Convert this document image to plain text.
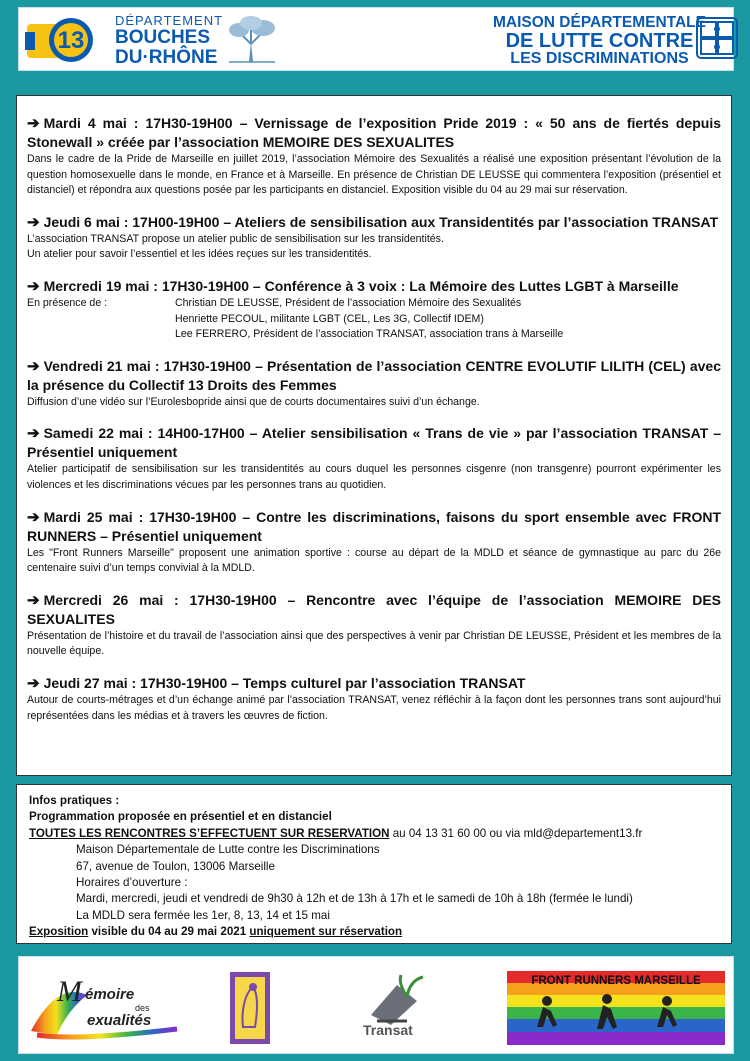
13
DÉPARTEMENT
BOUCHES
DU·RHÔNE
MAISON DÉPARTEMENTALE
DE LUTTE CONTRE
LES DISCRIMINATIONS
➔ Mardi 4 mai : 17H30-19H00 – Vernissage de l’exposition Pride 2019 : « 50 ans de fiertés depuis Stonewall » créée par l’association MEMOIRE DES SEXUALITES
Dans le cadre de la Pride de Marseille en juillet 2019, l’association Mémoire des Sexualités a réalisé une exposition présentant l’évolution de la question homosexuelle dans le monde, en France et à Marseille. En présence de Christian DE LEUSSE qui commentera l’exposition (présentiel et distanciel) et répondra aux questions posée par les participants en distanciel. Exposition visible du 04 au 29 mai sur réservation.
➔ Jeudi 6 mai : 17H00-19H00 – Ateliers de sensibilisation aux Transidentités par l’association TRANSAT
L’association TRANSAT propose un atelier public de sensibilisation sur les transidentités.
Un atelier pour savoir l’essentiel et les idées reçues sur les transidentités.
➔ Mercredi 19 mai : 17H30-19H00 – Conférence à 3 voix : La Mémoire des Luttes LGBT à Marseille
En présence de :	Christian DE LEUSSE, Président de l’association Mémoire des Sexualités
Henriette PECOUL, militante LGBT (CEL, Les 3G, Collectif IDEM)
Lee FERRERO, Président de l’association TRANSAT, association trans à Marseille
➔ Vendredi 21 mai : 17H30-19H00 – Présentation de l’association CENTRE EVOLUTIF LILITH (CEL) avec la présence du Collectif 13 Droits des Femmes
Diffusion d’une vidéo sur l’Eurolesbopride ainsi que de courts documentaires suivi d’un échange.
➔ Samedi 22 mai : 14H00-17H00 – Atelier sensibilisation « Trans de vie » par l’association TRANSAT – Présentiel uniquement
Atelier participatif de sensibilisation sur les transidentités au cours duquel les personnes cisgenre (non transgenre) pourront expérimenter les violences et les discriminations vécues par les personnes trans au quotidien.
➔ Mardi 25 mai : 17H30-19H00 – Contre les discriminations, faisons du sport ensemble avec FRONT RUNNERS – Présentiel uniquement
Les "Front Runners Marseille" proposent une animation sportive : course au départ de la MDLD et séance de gymnastique au parc du 26e centenaire suivi d’un temps convivial à la MDLD.
➔ Mercredi 26 mai : 17H30-19H00 – Rencontre avec l’équipe de l’association MEMOIRE DES SEXUALITES
Présentation de l’histoire et du travail de l’association ainsi que des perspectives à venir par Christian DE LEUSSE, Président et les membres de la nouvelle équipe.
➔ Jeudi 27 mai : 17H30-19H00 – Temps culturel par l’association TRANSAT
Autour de courts-métrages et d’un échange animé par l’association TRANSAT, venez réfléchir à la façon dont les personnes trans sont aujourd’hui représentées dans les médias et à travers les œuvres de fiction.
Infos pratiques :
Programmation proposée en présentiel et en distanciel
TOUTES LES RENCONTRES S’EFFECTUENT SUR RESERVATION au 04 13 31 60 00 ou via mld@departement13.fr
Maison Départementale de Lutte contre les Discriminations
67, avenue de Toulon, 13006 Marseille
Horaires d’ouverture :
Mardi, mercredi, jeudi et vendredi de 9h30 à 12h et de 13h à 17h et le samedi de 10h à 18h (fermée le lundi)
La MDLD sera fermée les 1er, 8, 13, 14 et 15 mai
Exposition visible du 04 au 29 mai 2021 uniquement sur réservation
M émoire
des
exualités
Transat
FRONT RUNNERS MARSEILLE
